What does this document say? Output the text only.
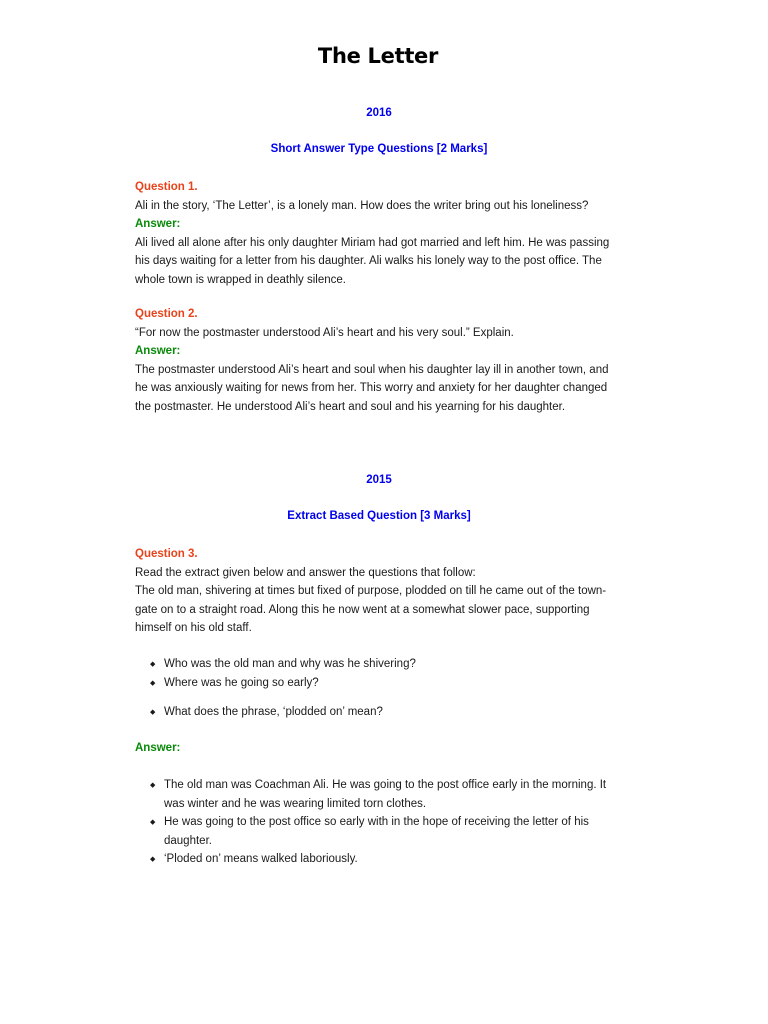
The Letter
2016
Short Answer Type Questions [2 Marks]
Question 1.

Ali in the story, ‘The Letter’, is a lonely man. How does the writer bring out his loneliness?

Answer:

Ali lived all alone after his only daughter Miriam had got married and left him. He was passing his days waiting for a letter from his daughter. Ali walks his lonely way to the post office. The whole town is wrapped in deathly silence.

Question 2.

“For now the postmaster understood Ali’s heart and his very soul.” Explain.

Answer:

The postmaster understood Ali’s heart and soul when his daughter lay ill in another town, and he was anxiously waiting for news from her. This worry and anxiety for her daughter changed the postmaster. He understood Ali’s heart and soul and his yearning for his daughter.

2015
Extract Based Question [3 Marks]
Question 3.

Read the extract given below and answer the questions that follow:

The old man, shivering at times but fixed of purpose, plodded on till he came out of the town-gate on to a straight road. Along this he now went at a somewhat slower pace, supporting himself on his old staff.

◆ Who was the old man and why was he shivering?
◆ Where was he going so early?
◆ What does the phrase, ‘plodded on’ mean?
Answer:
◆ The old man was Coachman Ali. He was going to the post office early in the morning. It was winter and he was wearing limited torn clothes.
◆ He was going to the post office so early with in the hope of receiving the letter of his daughter.
◆ ‘Ploded on’ means walked laboriously.
